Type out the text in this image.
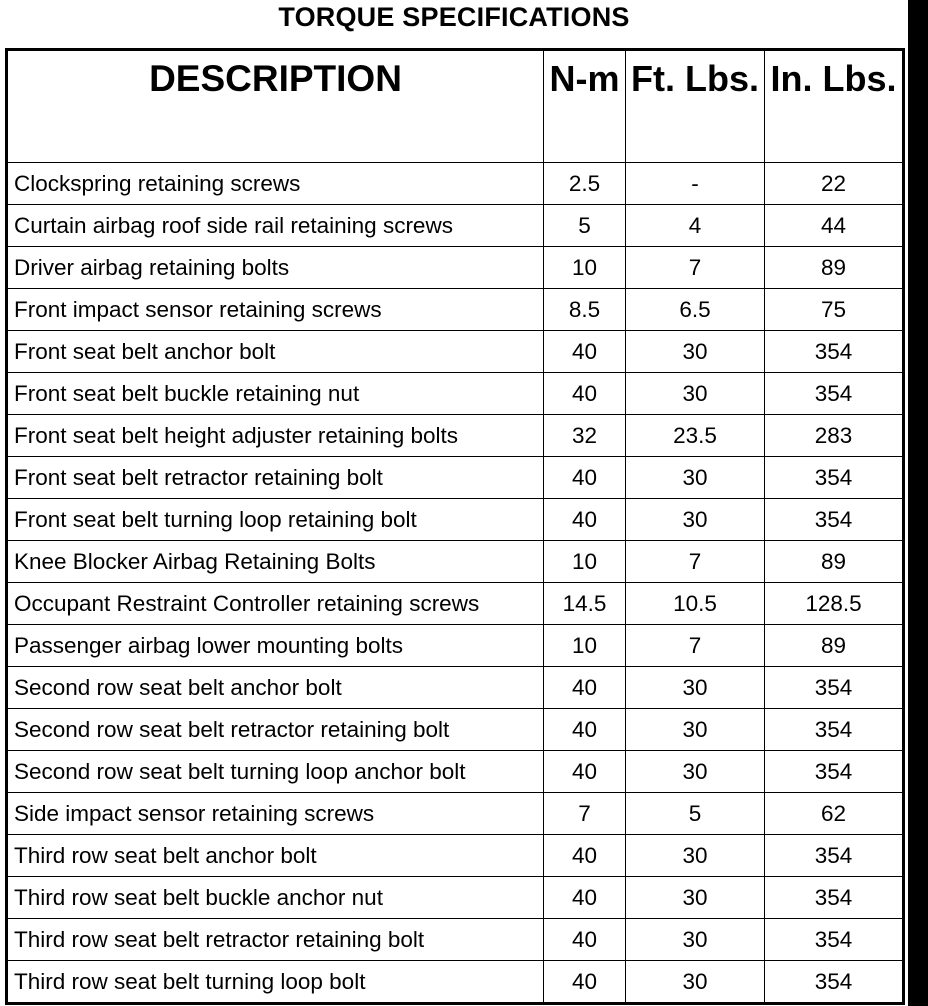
TORQUE SPECIFICATIONS
DESCRIPTION	N-m	Ft. Lbs.	In. Lbs.
Clockspring retaining screws	2.5	-	22
Curtain airbag roof side rail retaining screws	5	4	44
Driver airbag retaining bolts	10	7	89
Front impact sensor retaining screws	8.5	6.5	75
Front seat belt anchor bolt	40	30	354
Front seat belt buckle retaining nut	40	30	354
Front seat belt height adjuster retaining bolts	32	23.5	283
Front seat belt retractor retaining bolt	40	30	354
Front seat belt turning loop retaining bolt	40	30	354
Knee Blocker Airbag Retaining Bolts	10	7	89
Occupant Restraint Controller retaining screws	14.5	10.5	128.5
Passenger airbag lower mounting bolts	10	7	89
Second row seat belt anchor bolt	40	30	354
Second row seat belt retractor retaining bolt	40	30	354
Second row seat belt turning loop anchor bolt	40	30	354
Side impact sensor retaining screws	7	5	62
Third row seat belt anchor bolt	40	30	354
Third row seat belt buckle anchor nut	40	30	354
Third row seat belt retractor retaining bolt	40	30	354
Third row seat belt turning loop bolt	40	30	354
